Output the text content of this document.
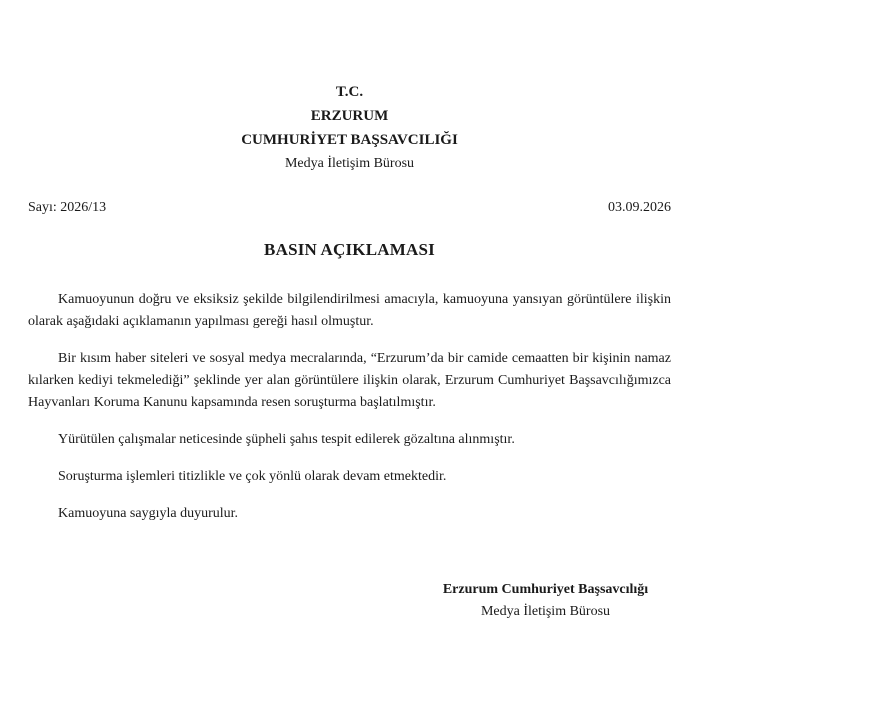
T.C.
ERZURUM
CUMHURİYET BAŞSAVCILIĞI
Medya İletişim Bürosu
Sayı: 2026/13	03.09.2026
BASIN AÇIKLAMASI

Kamuoyunun doğru ve eksiksiz şekilde bilgilendirilmesi amacıyla, kamuoyuna yansıyan görüntülere ilişkin olarak aşağıdaki açıklamanın yapılması gereği hasıl olmuştur.

Bir kısım haber siteleri ve sosyal medya mecralarında, “Erzurum’da bir camide cemaatten bir kişinin namaz kılarken kediyi tekmelediği” şeklinde yer alan görüntülere ilişkin olarak, Erzurum Cumhuriyet Başsavcılığımızca Hayvanları Koruma Kanunu kapsamında resen soruşturma başlatılmıştır.

Yürütülen çalışmalar neticesinde şüpheli şahıs tespit edilerek gözaltına alınmıştır.

Soruşturma işlemleri titizlikle ve çok yönlü olarak devam etmektedir.

Kamuoyuna saygıyla duyurulur.

Erzurum Cumhuriyet Başsavcılığı
Medya İletişim Bürosu
